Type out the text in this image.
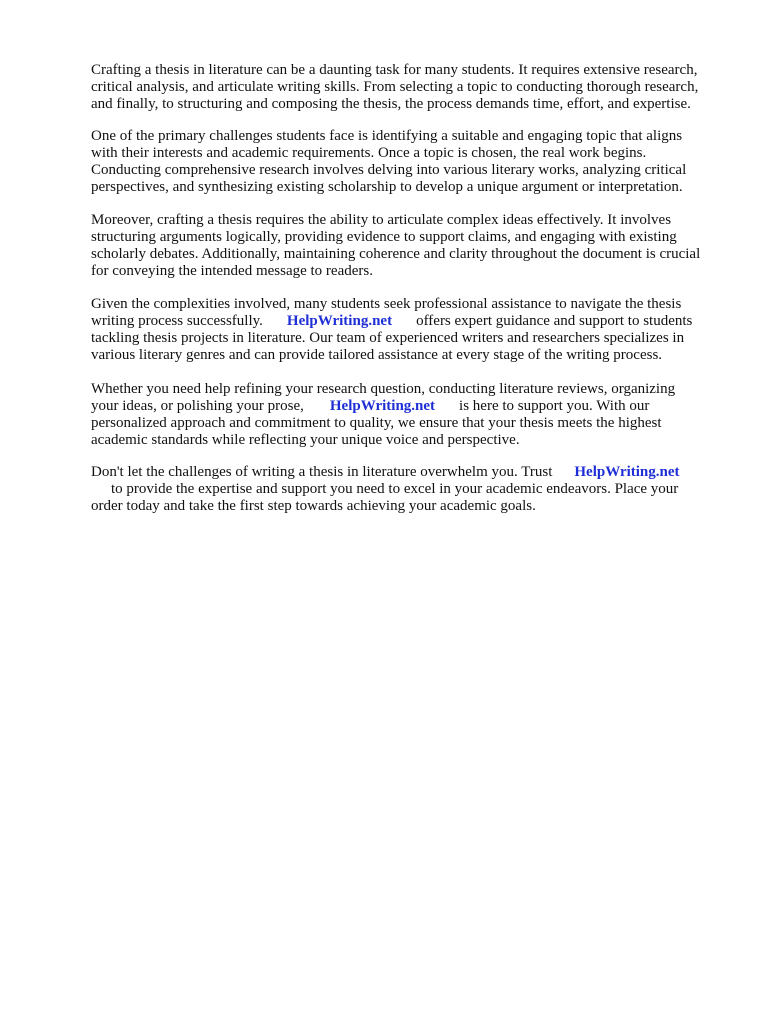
Crafting a thesis in literature can be a daunting task for many students. It requires extensive research,
critical analysis, and articulate writing skills. From selecting a topic to conducting thorough research,
and finally, to structuring and composing the thesis, the process demands time, effort, and expertise.

One of the primary challenges students face is identifying a suitable and engaging topic that aligns
with their interests and academic requirements. Once a topic is chosen, the real work begins.
Conducting comprehensive research involves delving into various literary works, analyzing critical
perspectives, and synthesizing existing scholarship to develop a unique argument or interpretation.

Moreover, crafting a thesis requires the ability to articulate complex ideas effectively. It involves
structuring arguments logically, providing evidence to support claims, and engaging with existing
scholarly debates. Additionally, maintaining coherence and clarity throughout the document is crucial
for conveying the intended message to readers.

Given the complexities involved, many students seek professional assistance to navigate the thesis
writing process successfully. HelpWriting.net offers expert guidance and support to students
tackling thesis projects in literature. Our team of experienced writers and researchers specializes in
various literary genres and can provide tailored assistance at every stage of the writing process.

Whether you need help refining your research question, conducting literature reviews, organizing
your ideas, or polishing your prose, HelpWriting.net is here to support you. With our
personalized approach and commitment to quality, we ensure that your thesis meets the highest
academic standards while reflecting your unique voice and perspective.

Don't let the challenges of writing a thesis in literature overwhelm you. Trust HelpWriting.net
to provide the expertise and support you need to excel in your academic endeavors. Place your
order today and take the first step towards achieving your academic goals.
